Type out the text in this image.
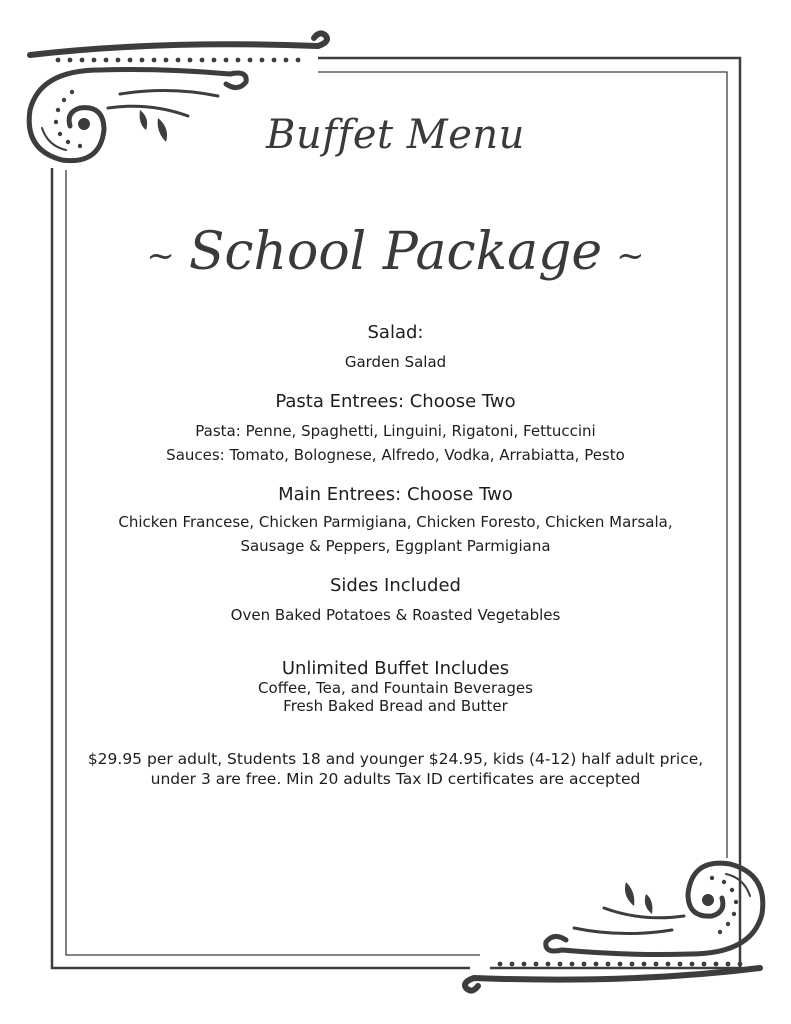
Buffet Menu
~ School Package ~

Salad:

Garden Salad

Pasta Entrees: Choose Two

Pasta: Penne, Spaghetti, Linguini, Rigatoni, Fettuccini

Sauces: Tomato, Bolognese, Alfredo, Vodka, Arrabiatta, Pesto

Main Entrees: Choose Two

Chicken Francese, Chicken Parmigiana, Chicken Foresto, Chicken Marsala,

Sausage & Peppers, Eggplant Parmigiana

Sides Included

Oven Baked Potatoes & Roasted Vegetables

Unlimited Buffet Includes

Coffee, Tea, and Fountain Beverages

Fresh Baked Bread and Butter

$29.95 per adult, Students 18 and younger $24.95, kids (4-12) half adult price,

under 3 are free. Min 20 adults Tax ID certificates are accepted
